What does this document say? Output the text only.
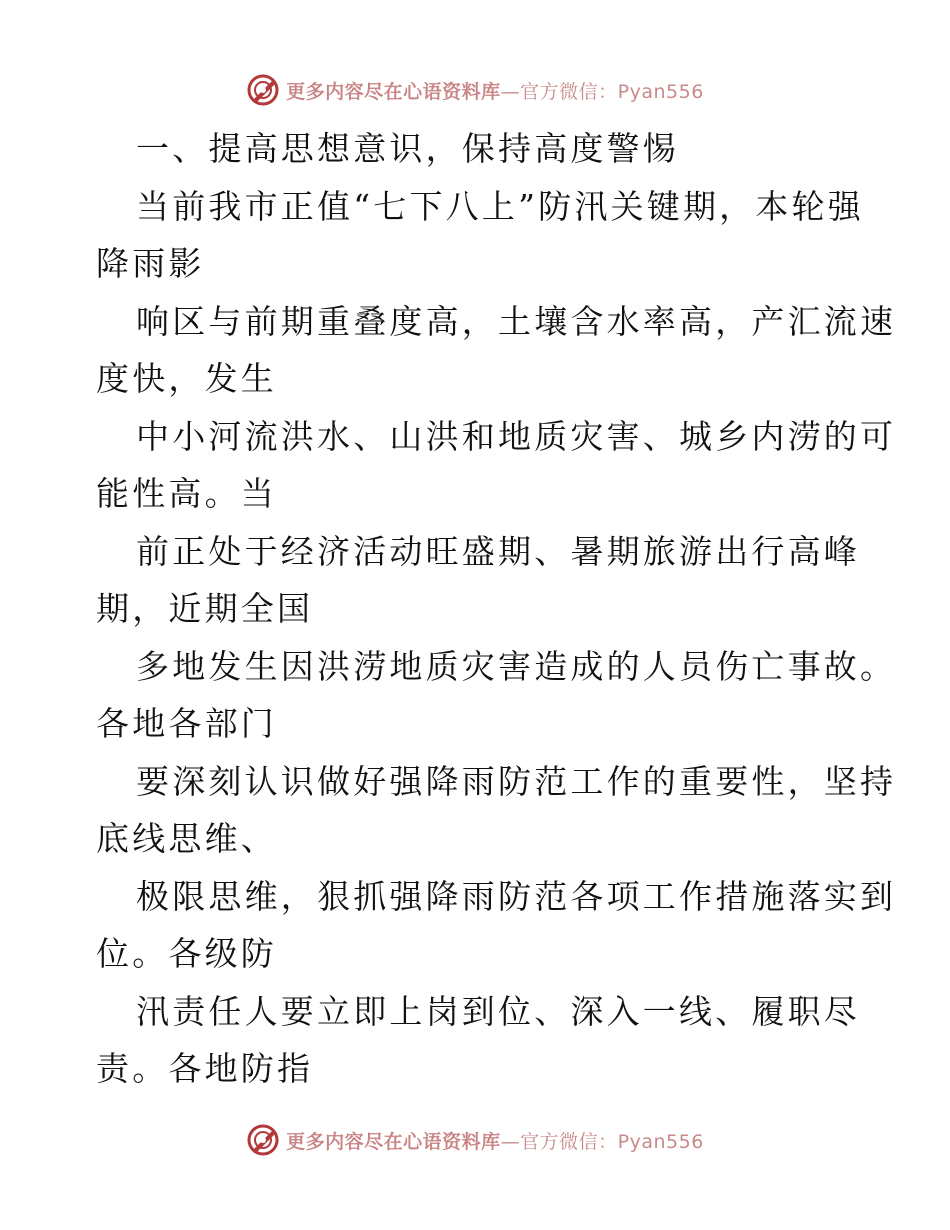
更多内容尽在心语资料库—官方微信：Pyan556
一、提高思想意识，保持高度警惕
当前我市正值“七下八上”防汛关键期，本轮强
降雨影
响区与前期重叠度高，土壤含水率高，产汇流速
度快，发生
中小河流洪水、山洪和地质灾害、城乡内涝的可
能性高。当
前正处于经济活动旺盛期、暑期旅游出行高峰
期，近期全国
多地发生因洪涝地质灾害造成的人员伤亡事故。
各地各部门
要深刻认识做好强降雨防范工作的重要性，坚持
底线思维、
极限思维，狠抓强降雨防范各项工作措施落实到
位。各级防
汛责任人要立即上岗到位、深入一线、履职尽
责。各地防指
更多内容尽在心语资料库—官方微信：Pyan556
